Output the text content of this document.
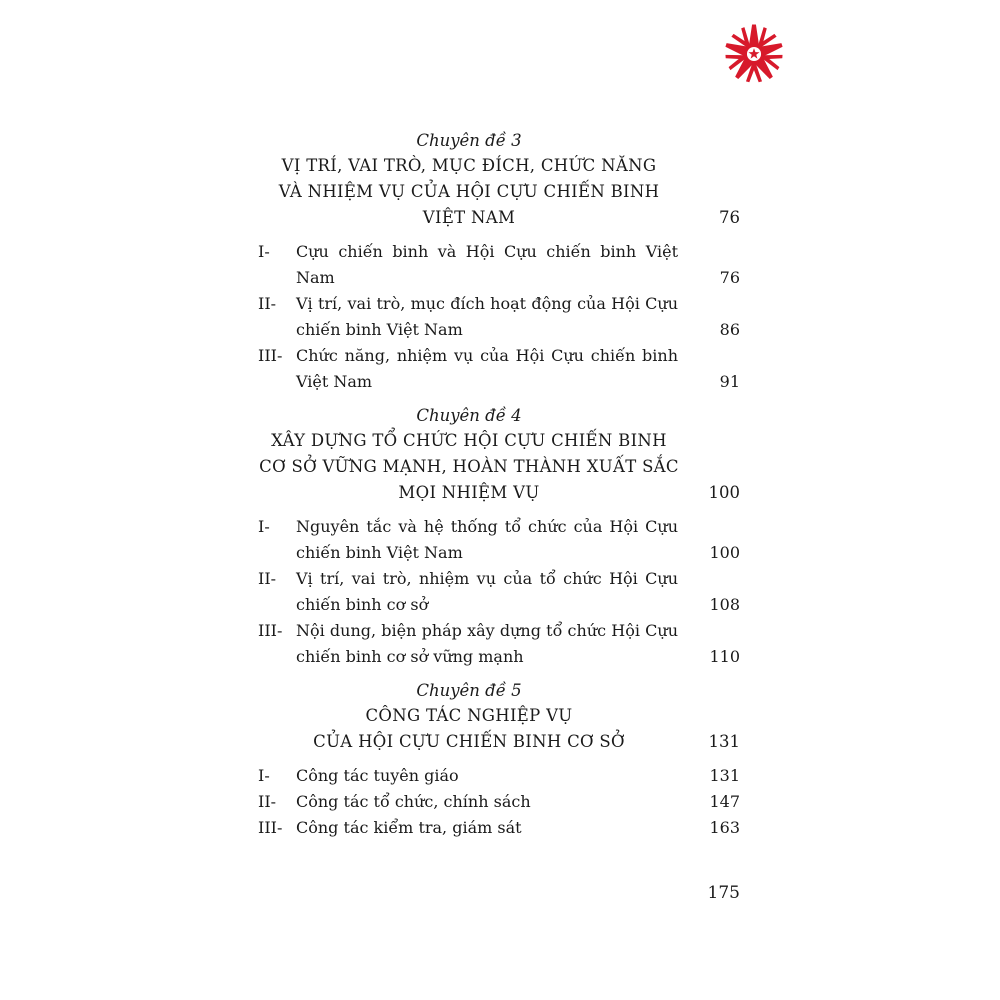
Chuyên đề 3
VỊ TRÍ, VAI TRÒ, MỤC ĐÍCH, CHỨC NĂNG
VÀ NHIỆM VỤ CỦA HỘI CỰU CHIẾN BINH
VIỆT NAM	76
I-	Cựu chiến binh và Hội Cựu chiến binh Việt Nam	76
II-	Vị trí, vai trò, mục đích hoạt động của Hội Cựu chiến binh Việt Nam	86
III- Chức năng, nhiệm vụ của Hội Cựu chiến binh Việt Nam	91
Chuyên đề 4
XÂY DỰNG TỔ CHỨC HỘI CỰU CHIẾN BINH
CƠ SỞ VỮNG MẠNH, HOÀN THÀNH XUẤT SẮC
MỌI NHIỆM VỤ	100
I-	Nguyên tắc và hệ thống tổ chức của Hội Cựu chiến binh Việt Nam	100
II-	Vị trí, vai trò, nhiệm vụ của tổ chức Hội Cựu chiến binh cơ sở	108
III- Nội dung, biện pháp xây dựng tổ chức Hội Cựu chiến binh cơ sở vững mạnh	110
Chuyên đề 5
CÔNG TÁC NGHIỆP VỤ
CỦA HỘI CỰU CHIẾN BINH CƠ SỞ	131
I-	Công tác tuyên giáo	131
II-	Công tác tổ chức, chính sách	147
III- Công tác kiểm tra, giám sát	163
175
